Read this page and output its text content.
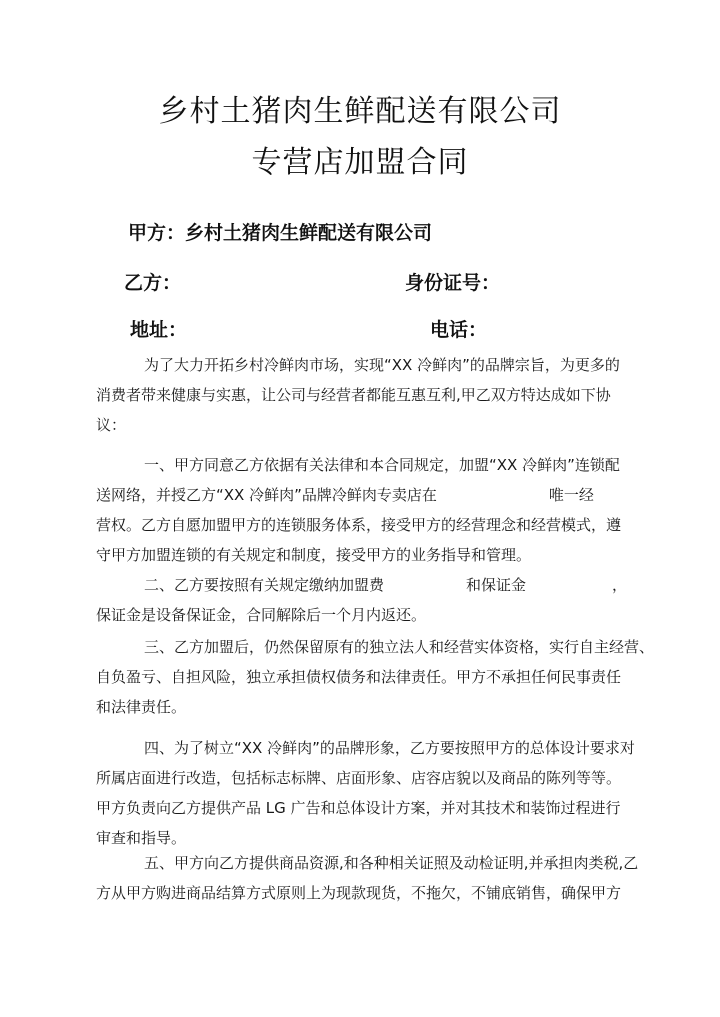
乡村土猪肉生鲜配送有限公司
专营店加盟合同
甲方：乡村土猪肉生鲜配送有限公司
乙方：	身份证号：
地址：	电话：

为了大力开拓乡村冷鲜肉市场，实现“XX 冷鲜肉”的品牌宗旨，为更多的

消费者带来健康与实惠，让公司与经营者都能互惠互利,甲乙双方特达成如下协

议：

一、甲方同意乙方依据有关法律和本合同规定，加盟“XX 冷鲜肉”连锁配

送网络，并授乙方“XX 冷鲜肉”品牌冷鲜肉专卖店在	唯一经

营权。乙方自愿加盟甲方的连锁服务体系，接受甲方的经营理念和经营模式，遵

守甲方加盟连锁的有关规定和制度，接受甲方的业务指导和管理。

二、乙方要按照有关规定缴纳加盟费	和保证金	，

保证金是设备保证金，合同解除后一个月内返还。

三、乙方加盟后，仍然保留原有的独立法人和经营实体资格，实行自主经营、

自负盈亏、自担风险，独立承担债权债务和法律责任。甲方不承担任何民事责任

和法律责任。

四、为了树立“XX 冷鲜肉”的品牌形象，乙方要按照甲方的总体设计要求对

所属店面进行改造，包括标志标牌、店面形象、店容店貌以及商品的陈列等等。

甲方负责向乙方提供产品 LG 广告和总体设计方案，并对其技术和装饰过程进行

审查和指导。

五、甲方向乙方提供商品资源,和各种相关证照及动检证明,并承担肉类税,乙

方从甲方购进商品结算方式原则上为现款现货，不拖欠，不铺底销售，确保甲方
